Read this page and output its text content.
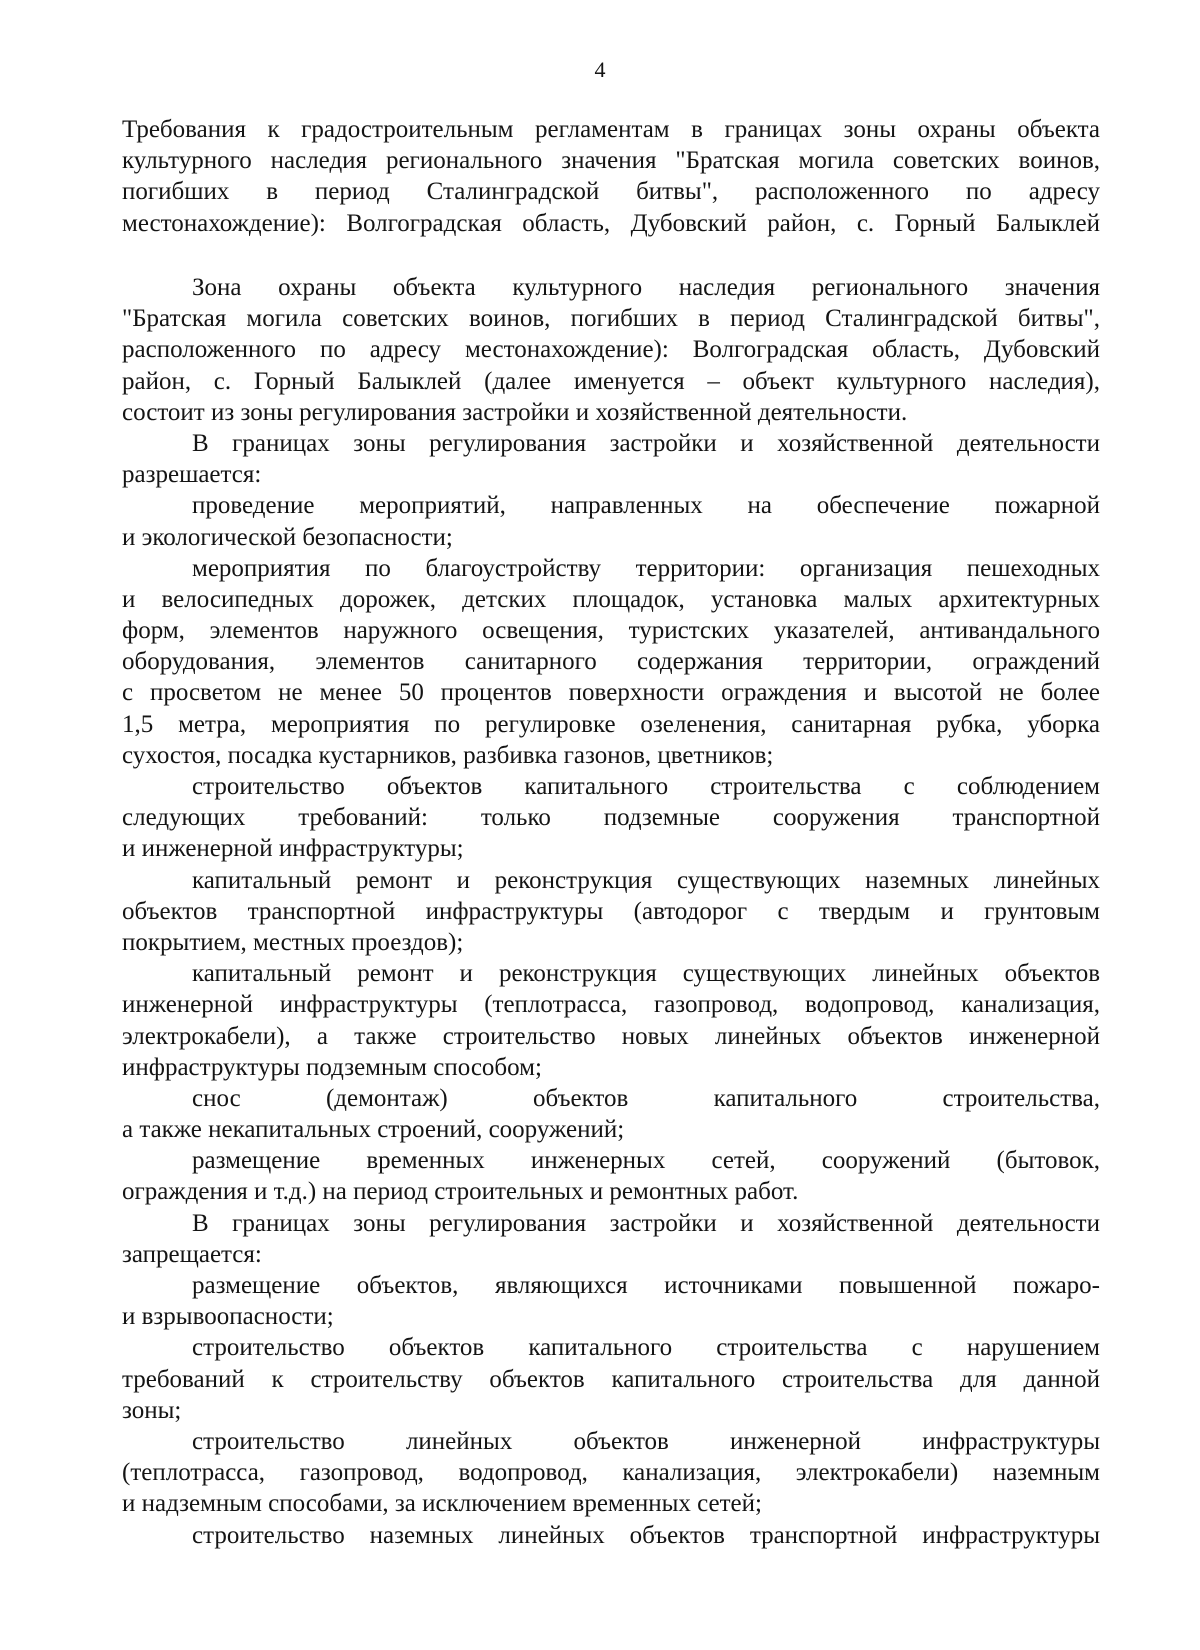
4
Требования к градостроительным регламентам в границах зоны охраны объекта
культурного наследия регионального значения "Братская могила советских воинов,
погибших в период Сталинградской битвы", расположенного по адресу
местонахождение): Волгоградская область, Дубовский район, с. Горный Балыклей
Зона охраны объекта культурного наследия регионального значения
"Братская могила советских воинов, погибших в период Сталинградской битвы",
расположенного по адресу местонахождение): Волгоградская область, Дубовский
район, с. Горный Балыклей (далее именуется – объект культурного наследия),
состоит из зоны регулирования застройки и хозяйственной деятельности.
В границах зоны регулирования застройки и хозяйственной деятельности
разрешается:
проведение мероприятий, направленных на обеспечение пожарной
и экологической безопасности;
мероприятия по благоустройству территории: организация пешеходных
и велосипедных дорожек, детских площадок, установка малых архитектурных
форм, элементов наружного освещения, туристских указателей, антивандального
оборудования, элементов санитарного содержания территории, ограждений
с просветом не менее 50 процентов поверхности ограждения и высотой не более
1,5 метра, мероприятия по регулировке озеленения, санитарная рубка, уборка
сухостоя, посадка кустарников, разбивка газонов, цветников;
строительство объектов капитального строительства с соблюдением
следующих требований: только подземные сооружения транспортной
и инженерной инфраструктуры;
капитальный ремонт и реконструкция существующих наземных линейных
объектов транспортной инфраструктуры (автодорог с твердым и грунтовым
покрытием, местных проездов);
капитальный ремонт и реконструкция существующих линейных объектов
инженерной инфраструктуры (теплотрасса, газопровод, водопровод, канализация,
электрокабели), а также строительство новых линейных объектов инженерной
инфраструктуры подземным способом;
снос (демонтаж) объектов капитального строительства,
а также некапитальных строений, сооружений;
размещение временных инженерных сетей, сооружений (бытовок,
ограждения и т.д.) на период строительных и ремонтных работ.
В границах зоны регулирования застройки и хозяйственной деятельности
запрещается:
размещение объектов, являющихся источниками повышенной пожаро-
и взрывоопасности;
строительство объектов капитального строительства с нарушением
требований к строительству объектов капитального строительства для данной
зоны;
строительство линейных объектов инженерной инфраструктуры
(теплотрасса, газопровод, водопровод, канализация, электрокабели) наземным
и надземным способами, за исключением временных сетей;
строительство наземных линейных объектов транспортной инфраструктуры
